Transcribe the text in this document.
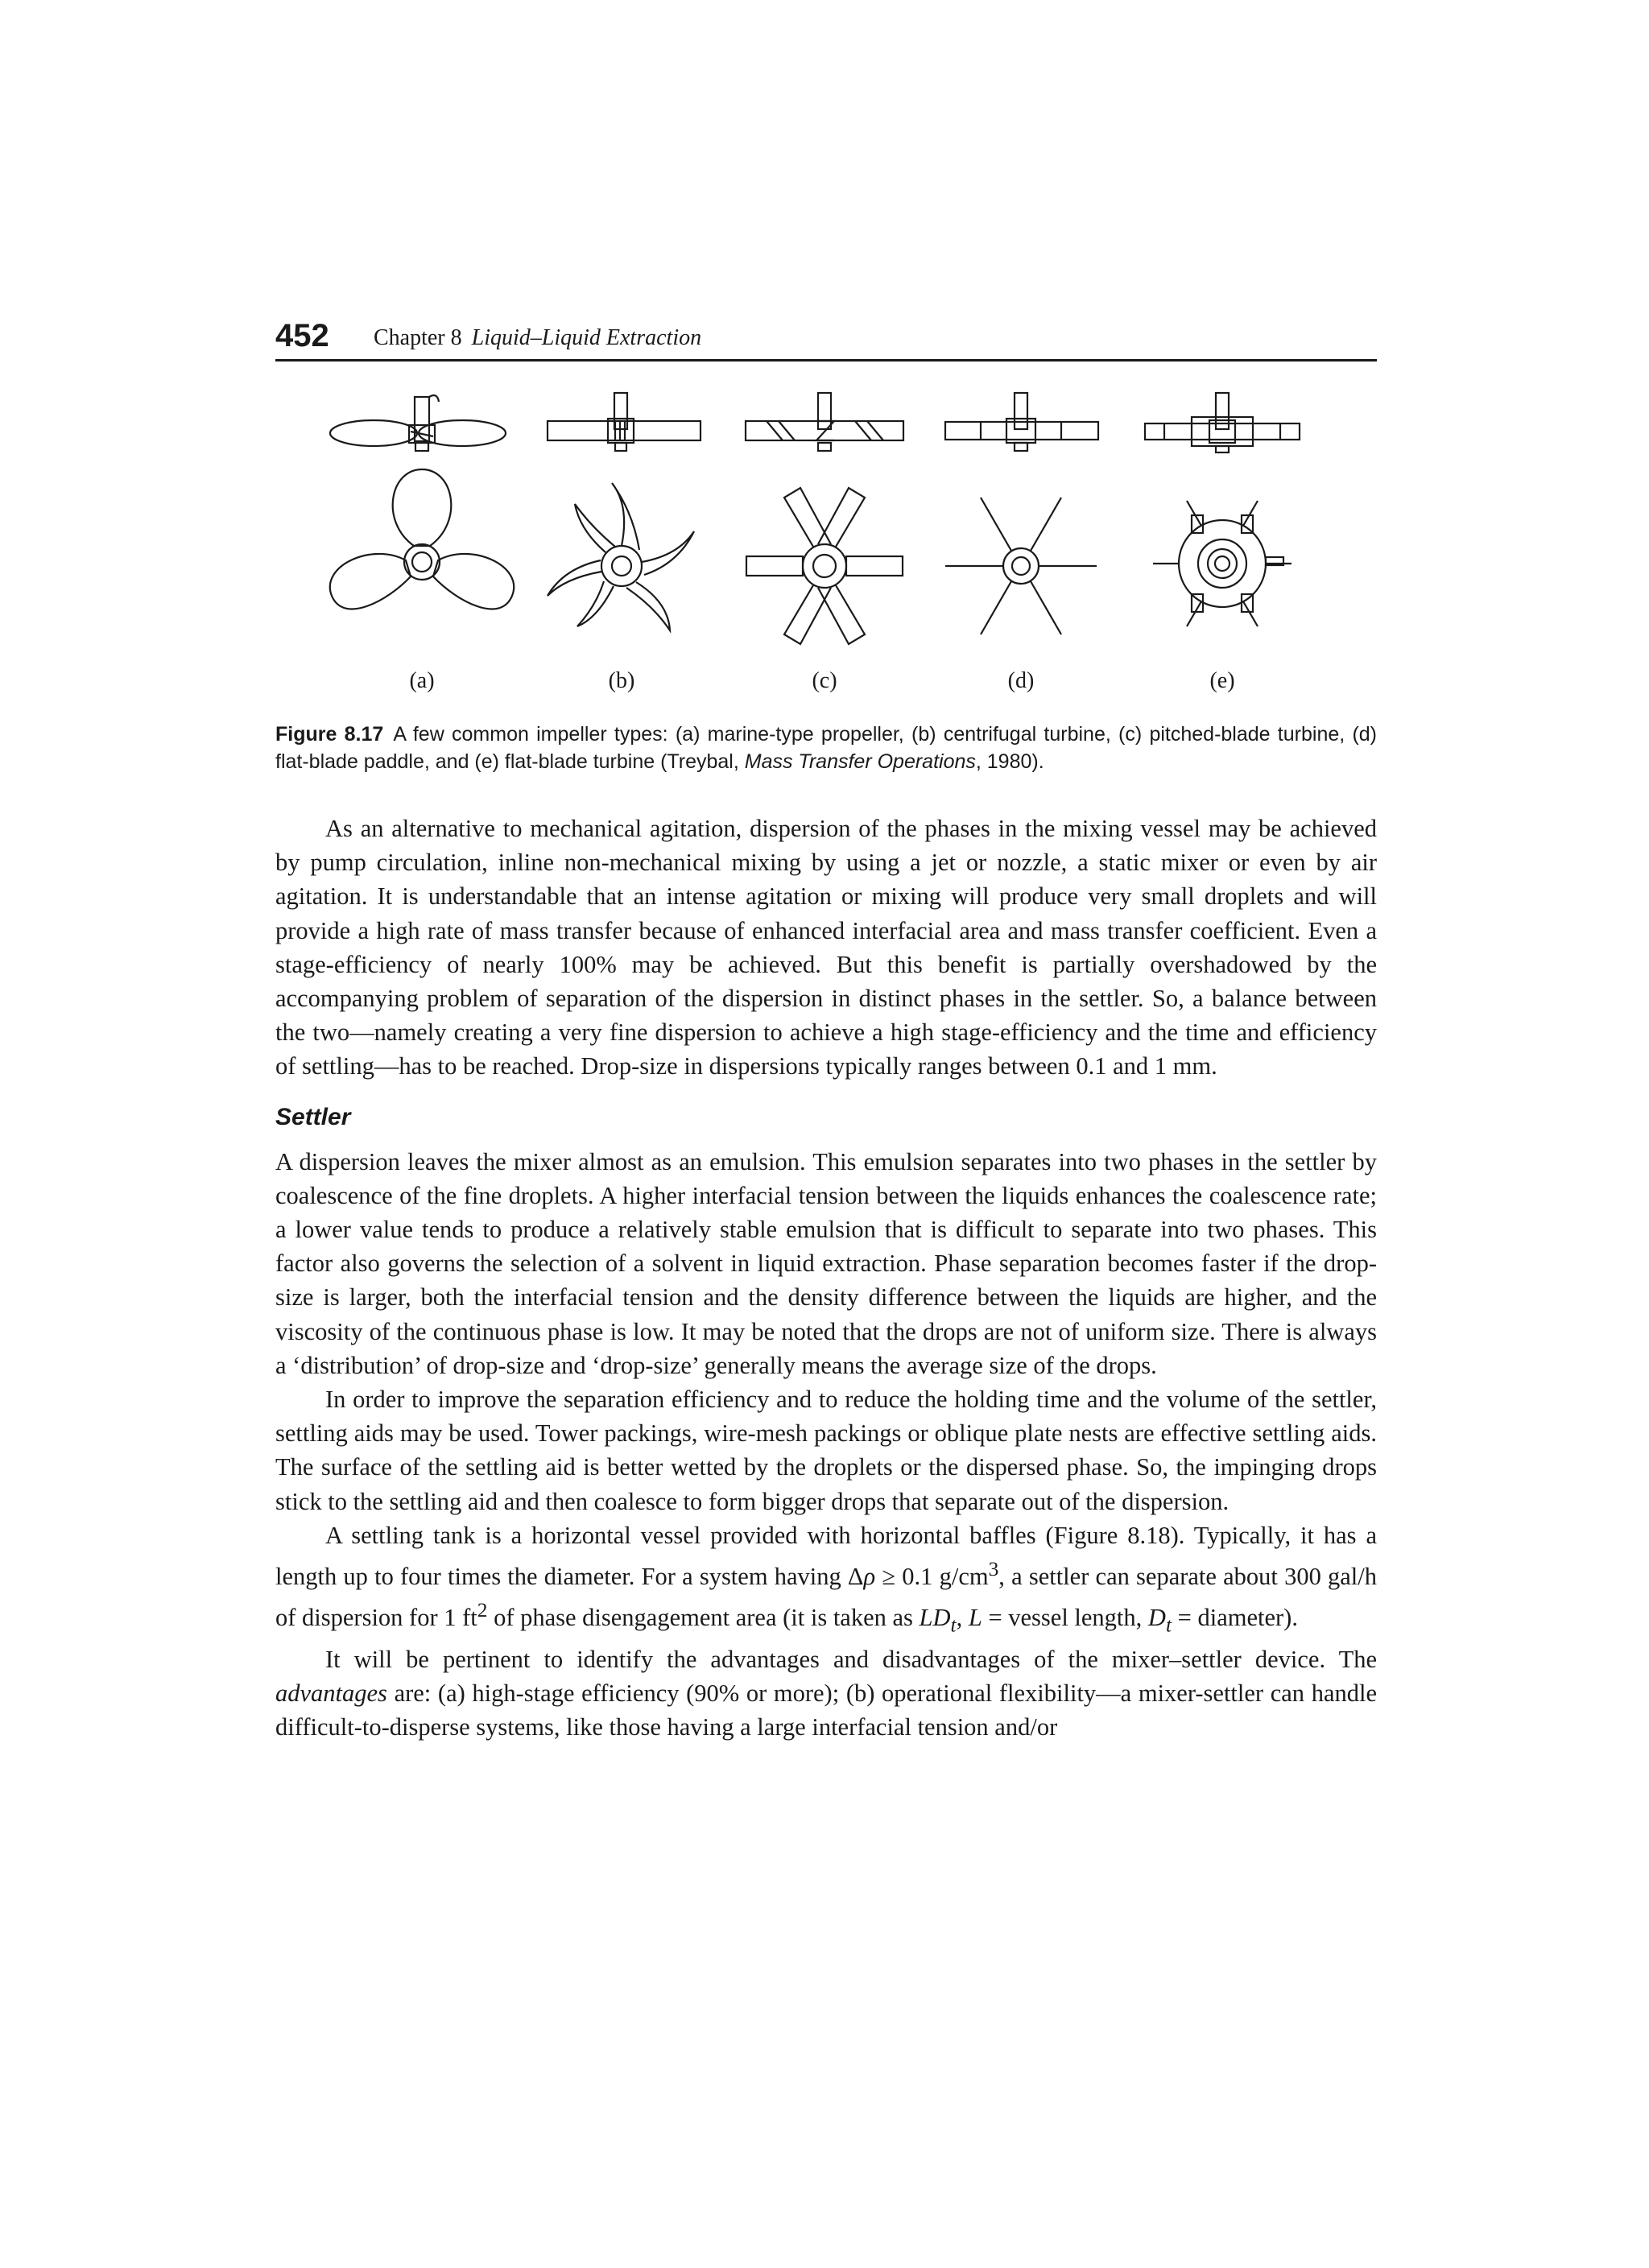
452 Chapter 8 Liquid–Liquid Extraction
(a)	(b)	(c)	(d)	(e)
Figure 8.17 A few common impeller types: (a) marine-type propeller, (b) centrifugal turbine, (c) pitched-blade turbine, (d) flat-blade paddle, and (e) flat-blade turbine (Treybal, Mass Transfer Operations, 1980).

As an alternative to mechanical agitation, dispersion of the phases in the mixing vessel may be achieved by pump circulation, inline non-mechanical mixing by using a jet or nozzle, a static mixer or even by air agitation. It is understandable that an intense agitation or mixing will produce very small droplets and will provide a high rate of mass transfer because of enhanced interfacial area and mass transfer coefficient. Even a stage-efficiency of nearly 100% may be achieved. But this benefit is partially overshadowed by the accompanying problem of separation of the dispersion in distinct phases in the settler. So, a balance between the two—namely creating a very fine dispersion to achieve a high stage-efficiency and the time and efficiency of settling—has to be reached. Drop-size in dispersions typically ranges between 0.1 and 1 mm.

Settler

A dispersion leaves the mixer almost as an emulsion. This emulsion separates into two phases in the settler by coalescence of the fine droplets. A higher interfacial tension between the liquids enhances the coalescence rate; a lower value tends to produce a relatively stable emulsion that is difficult to separate into two phases. This factor also governs the selection of a solvent in liquid extraction. Phase separation becomes faster if the drop-size is larger, both the interfacial tension and the density difference between the liquids are higher, and the viscosity of the continuous phase is low. It may be noted that the drops are not of uniform size. There is always a ‘distribution’ of drop-size and ‘drop-size’ generally means the average size of the drops.

In order to improve the separation efficiency and to reduce the holding time and the volume of the settler, settling aids may be used. Tower packings, wire-mesh packings or oblique plate nests are effective settling aids. The surface of the settling aid is better wetted by the droplets or the dispersed phase. So, the impinging drops stick to the settling aid and then coalesce to form bigger drops that separate out of the dispersion.

A settling tank is a horizontal vessel provided with horizontal baffles (Figure 8.18). Typically, it has a length up to four times the diameter. For a system having Δρ ≥ 0.1 $g/cm^3$, a settler can separate about 300 gal/h of dispersion for 1 $ft^2$ of phase disengagement area (it is taken as $LD_t$, L = vessel length, $D_t$ = diameter).

It will be pertinent to identify the advantages and disadvantages of the mixer–settler device. The advantages are: (a) high-stage efficiency (90% or more); (b) operational flexibility—a mixer-settler can handle difficult-to-disperse systems, like those having a large interfacial tension and/or
